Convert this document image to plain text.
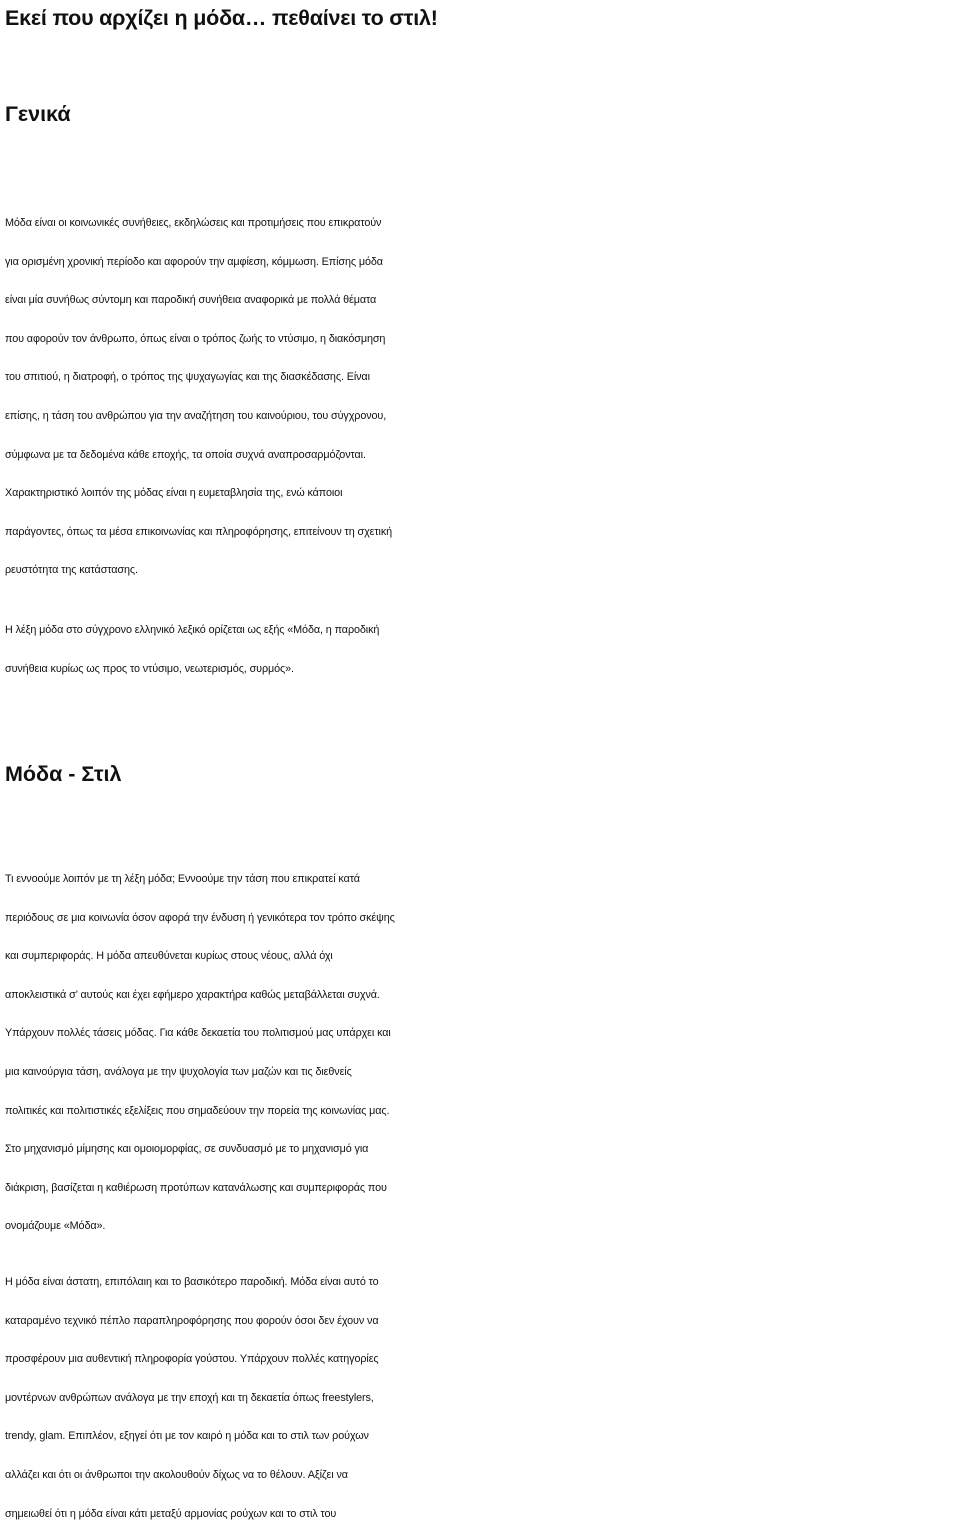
Εκεί που αρχίζει η μόδα… πεθαίνει το στιλ!
Γενικά
Μόδα είναι οι κοινωνικές συνήθειες, εκδηλώσεις και προτιμήσεις που επικρατούν
για ορισμένη χρονική περίοδο και αφορούν την αμφίεση, κόμμωση. Επίσης μόδα
είναι μία συνήθως σύντομη και παροδική συνήθεια αναφορικά με πολλά θέματα
που αφορούν τον άνθρωπο, όπως είναι ο τρόπος ζωής το ντύσιμο, η διακόσμηση
του σπιτιού, η διατροφή, ο τρόπος της ψυχαγωγίας και της διασκέδασης. Είναι
επίσης, η τάση του ανθρώπου για την αναζήτηση του καινούριου, του σύγχρονου,
σύμφωνα με τα δεδομένα κάθε εποχής, τα οποία συχνά αναπροσαρμόζονται.
Χαρακτηριστικό λοιπόν της μόδας είναι η ευμεταβλησία της, ενώ κάποιοι
παράγοντες, όπως τα μέσα επικοινωνίας και πληροφόρησης, επιτείνουν τη σχετική
ρευστότητα της κατάστασης.
Η λέξη μόδα στο σύγχρονο ελληνικό λεξικό ορίζεται ως εξής «Μόδα, η παροδική
συνήθεια κυρίως ως προς το ντύσιμο, νεωτερισμός, συρμός».
Μόδα - Στιλ
Τι εννοούμε λοιπόν με τη λέξη μόδα; Εννοούμε την τάση που επικρατεί κατά
περιόδους σε μια κοινωνία όσον αφορά την ένδυση ή γενικότερα τον τρόπο σκέψης
και συμπεριφοράς. Η μόδα απευθύνεται κυρίως στους νέους, αλλά όχι
αποκλειστικά σ’ αυτούς και έχει εφήμερο χαρακτήρα καθώς μεταβάλλεται συχνά.
Υπάρχουν πολλές τάσεις μόδας. Για κάθε δεκαετία του πολιτισμού μας υπάρχει και
μια καινούργια τάση, ανάλογα με την ψυχολογία των μαζών και τις διεθνείς
πολιτικές και πολιτιστικές εξελίξεις που σημαδεύουν την πορεία της κοινωνίας μας.
Στο μηχανισμό μίμησης και ομοιομορφίας, σε συνδυασμό με το μηχανισμό για
διάκριση, βασίζεται η καθιέρωση προτύπων κατανάλωσης και συμπεριφοράς που
ονομάζουμε «Μόδα».
Η μόδα είναι άστατη, επιπόλαιη και το βασικότερο παροδική. Μόδα είναι αυτό το
καταραμένο τεχνικό πέπλο παραπληροφόρησης που φορούν όσοι δεν έχουν να
προσφέρουν μια αυθεντική πληροφορία γούστου. Υπάρχουν πολλές κατηγορίες
μοντέρνων ανθρώπων ανάλογα με την εποχή και τη δεκαετία όπως freestylers,
trendy, glam. Επιπλέον, εξηγεί ότι με τον καιρό η μόδα και το στιλ των ρούχων
αλλάζει και ότι οι άνθρωποι την ακολουθούν δίχως να το θέλουν. Αξίζει να
σημειωθεί ότι η μόδα είναι κάτι μεταξύ αρμονίας ρούχων και το στιλ του
